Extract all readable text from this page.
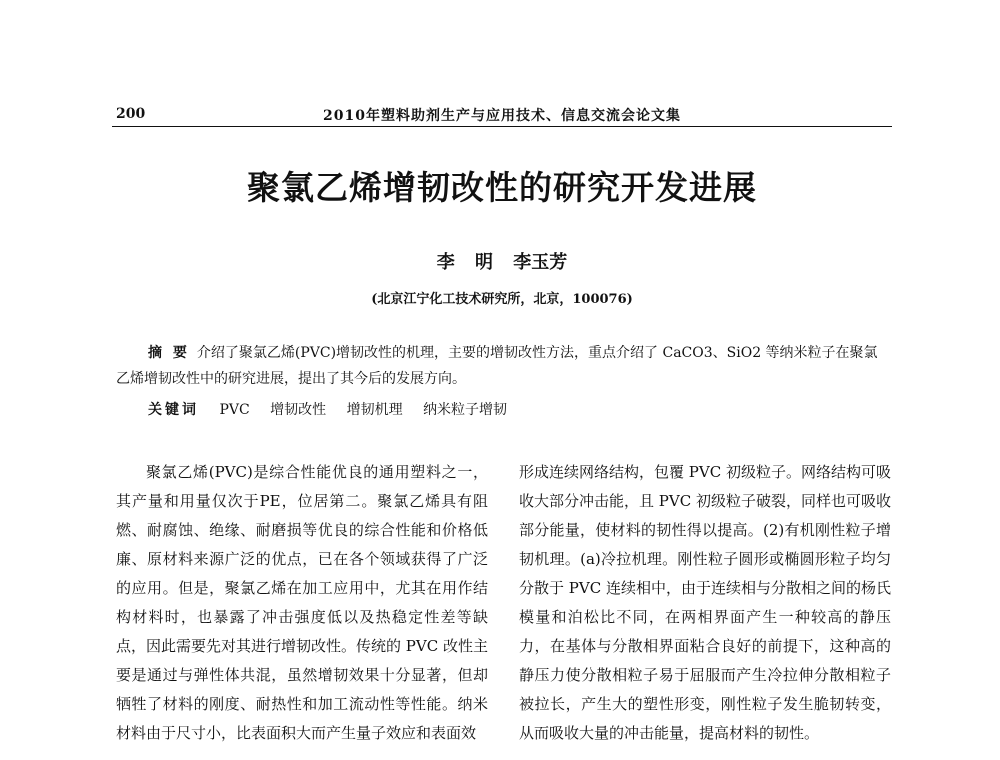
200	2010年塑料助剂生产与应用技术、信息交流会论文集
聚氯乙烯增韧改性的研究开发进展
李 明 李玉芳
(北京江宁化工技术研究所，北京，100076)

摘 要  介绍了聚氯乙烯(PVC)增韧改性的机理，主要的增韧改性方法，重点介绍了 CaCO3、SiO2 等纳米粒子在聚氯乙烯增韧改性中的研究进展，提出了其今后的发展方向。

关键词 PVC 增韧改性 增韧机理 纳米粒子增韧

聚氯乙烯(PVC)是综合性能优良的通用塑料之一，其产量和用量仅次于PE，位居第二。聚氯乙烯具有阻燃、耐腐蚀、绝缘、耐磨损等优良的综合性能和价格低廉、原材料来源广泛的优点，已在各个领域获得了广泛的应用。但是，聚氯乙烯在加工应用中，尤其在用作结构材料时，也暴露了冲击强度低以及热稳定性差等缺点，因此需要先对其进行增韧改性。传统的 PVC 改性主要是通过与弹性体共混，虽然增韧效果十分显著，但却牺牲了材料的刚度、耐热性和加工流动性等性能。纳米材料由于尺寸小，比表面积大而产生量子效应和表面效

形成连续网络结构，包覆 PVC 初级粒子。网络结构可吸收大部分冲击能，且 PVC 初级粒子破裂，同样也可吸收部分能量，使材料的韧性得以提高。(2)有机刚性粒子增韧机理。(a)冷拉机理。刚性粒子圆形或椭圆形粒子均匀分散于 PVC 连续相中，由于连续相与分散相之间的杨氏模量和泊松比不同，在两相界面产生一种较高的静压力，在基体与分散相界面粘合良好的前提下，这种高的静压力使分散相粒子易于屈服而产生冷拉伸分散相粒子被拉长，产生大的塑性形变，刚性粒子发生脆韧转变，从而吸收大量的冲击能量，提高材料的韧性。
